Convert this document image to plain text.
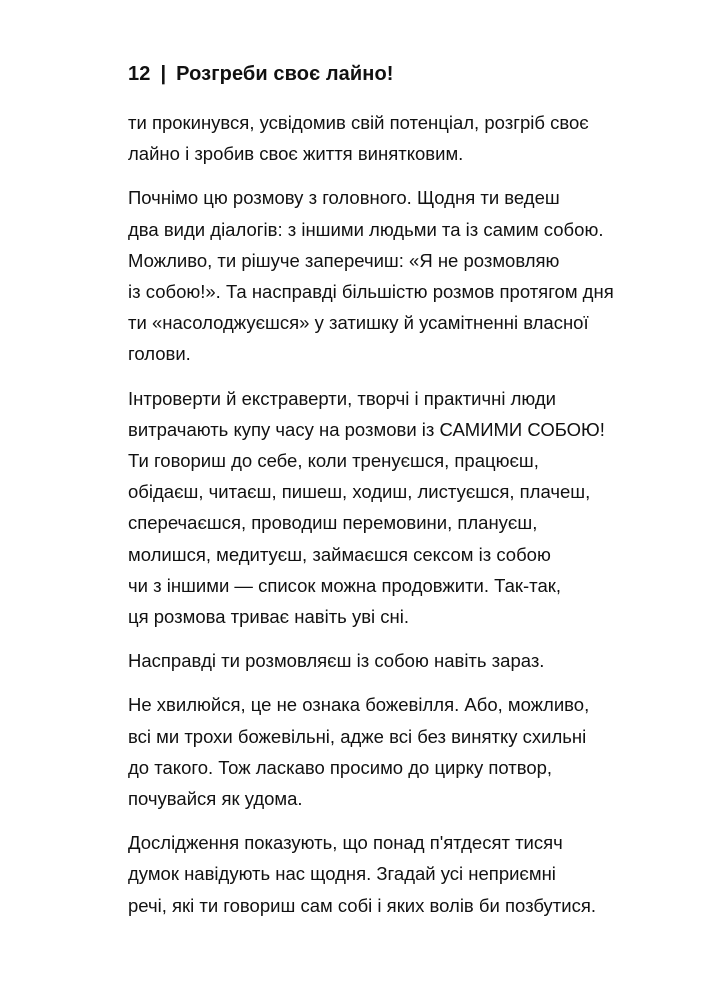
12 | Розгреби своє лайно!

ти прокинувся, усвідомив свій потенціал, розгріб своє
лайно і зробив своє життя винятковим.

Почнімо цю розмову з головного. Щодня ти ведеш
два види діалогів: з іншими людьми та із самим собою.
Можливо, ти рішуче заперечиш: «Я не розмовляю
із собою!». Та насправді більшістю розмов протягом дня
ти «насолоджуєшся» у затишку й усамітненні власної
голови.

Інтроверти й екстраверти, творчі і практичні люди
витрачають купу часу на розмови із САМИМИ СОБОЮ!
Ти говориш до себе, коли тренуєшся, працюєш,
обідаєш, читаєш, пишеш, ходиш, листуєшся, плачеш,
сперечаєшся, проводиш перемовини, плануєш,
молишся, медитуєш, займаєшся сексом із собою
чи з іншими — список можна продовжити. Так-так,
ця розмова триває навіть уві сні.

Насправді ти розмовляєш із собою навіть зараз.

Не хвилюйся, це не ознака божевілля. Або, можливо,
всі ми трохи божевільні, адже всі без винятку схильні
до такого. Тож ласкаво просимо до цирку потвор,
почувайся як удома.

Дослідження показують, що понад п'ятдесят тисяч
думок навідують нас щодня. Згадай усі неприємні
речі, які ти говориш сам собі і яких волів би позбутися.
